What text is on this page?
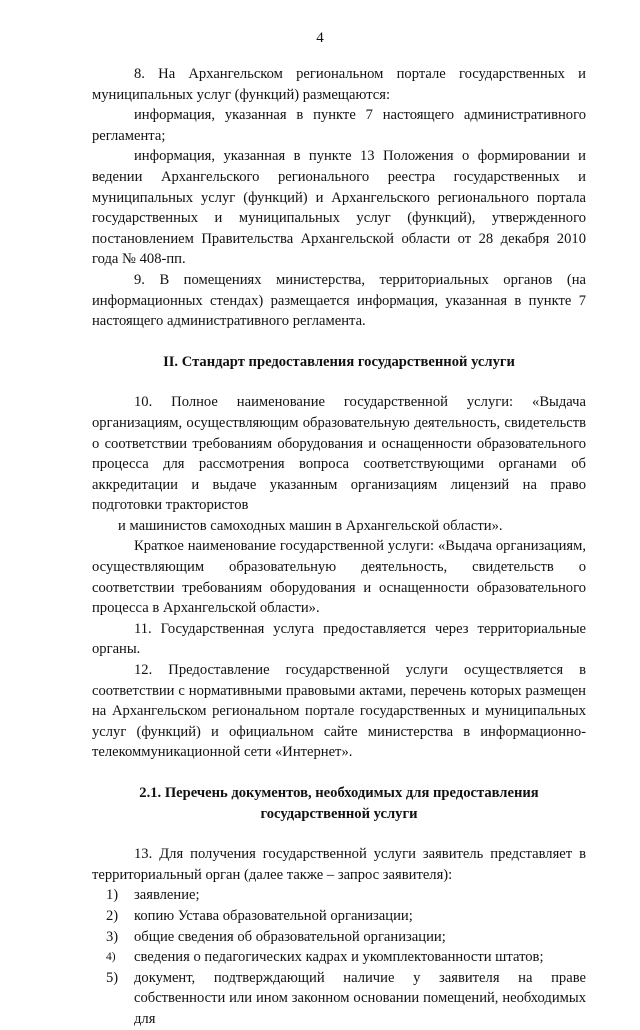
4

8. На Архангельском региональном портале государственных и муниципальных услуг (функций) размещаются:

информация, указанная в пункте 7 настоящего административного регламента;

информация, указанная в пункте 13 Положения о формировании и ведении Архангельского регионального реестра государственных и муниципальных услуг (функций) и Архангельского регионального портала государственных и муниципальных услуг (функций), утвержденного постановлением Правительства Архангельской области от 28 декабря 2010 года № 408-пп.

9. В помещениях министерства, территориальных органов (на информационных стендах) размещается информация, указанная в пункте 7 настоящего административного регламента.

II. Стандарт предоставления государственной услуги

10. Полное наименование государственной услуги: «Выдача организациям, осуществляющим образовательную деятельность, свидетельств о соответствии требованиям оборудования и оснащенности образовательного процесса для рассмотрения вопроса соответствующими органами об аккредитации и выдаче указанным организациям лицензий на право подготовки трактористов

и машинистов самоходных машин в Архангельской области».

Краткое наименование государственной услуги: «Выдача организациям, осуществляющим образовательную деятельность, свидетельств о соответствии требованиям оборудования и оснащенности образовательного процесса в Архангельской области».

11. Государственная услуга предоставляется через территориальные органы.

12. Предоставление государственной услуги осуществляется в соответствии с нормативными правовыми актами, перечень которых размещен на Архангельском региональном портале государственных и муниципальных услуг (функций) и официальном сайте министерства в информационно-телекоммуникационной сети «Интернет».

2.1. Перечень документов, необходимых для предоставления

государственной услуги

13. Для получения государственной услуги заявитель представляет в территориальный орган (далее также – запрос заявителя):

1)	заявление;
2)	копию Устава образовательной организации;
3)	общие сведения об образовательной организации;
4)	сведения о педагогических кадрах и укомплектованности штатов;
5)	документ, подтверждающий наличие у заявителя на праве собственности или ином законном основании помещений, необходимых для
